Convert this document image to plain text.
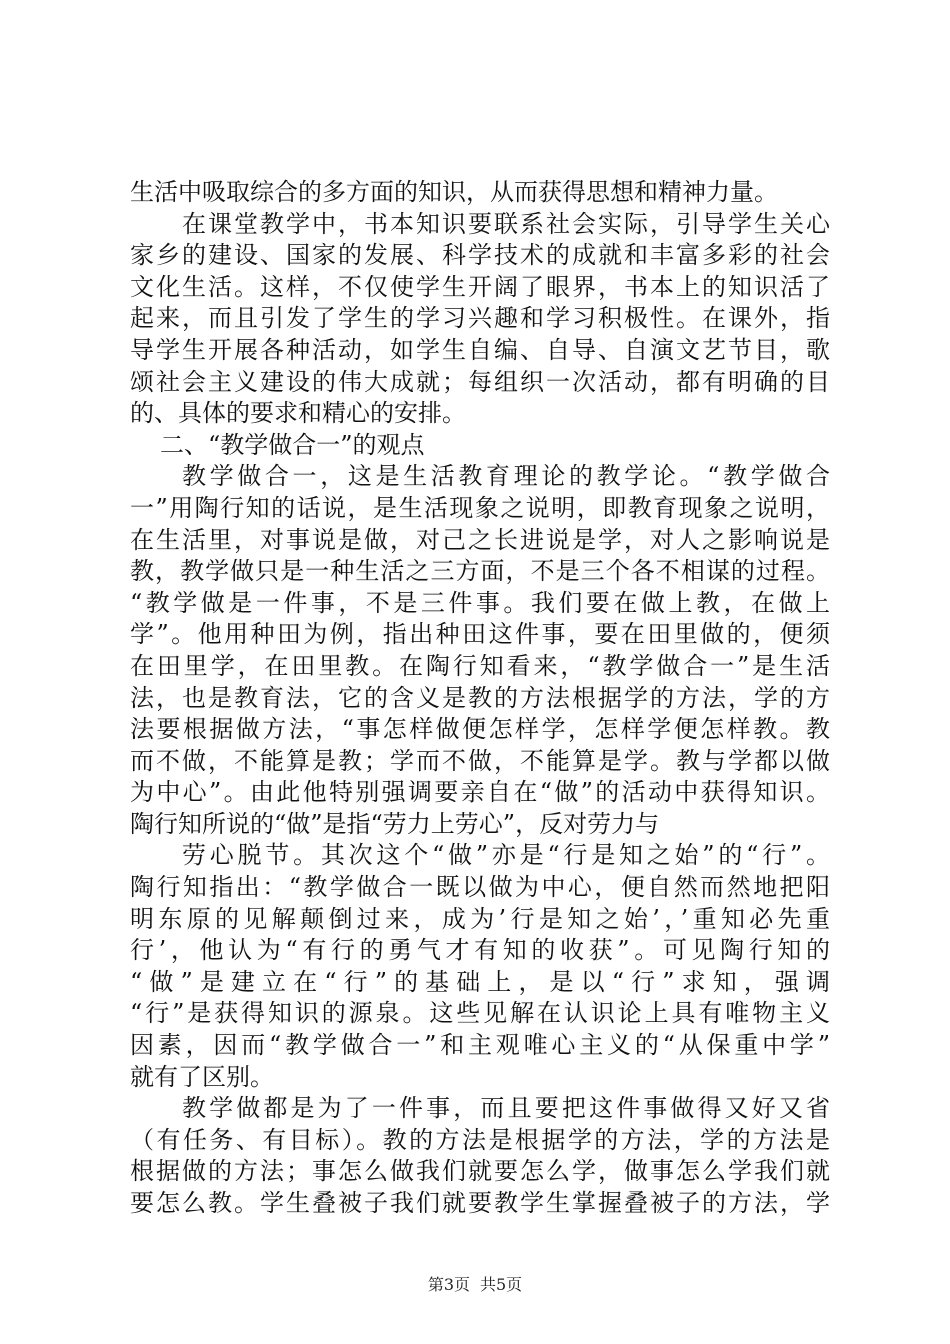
生活中吸取综合的多方面的知识，从而获得思想和精神力量。
在课堂教学中，书本知识要联系社会实际，引导学生关心
家乡的建设、国家的发展、科学技术的成就和丰富多彩的社会
文化生活。这样，不仅使学生开阔了眼界，书本上的知识活了
起来，而且引发了学生的学习兴趣和学习积极性。在课外，指
导学生开展各种活动，如学生自编、自导、自演文艺节目，歌
颂社会主义建设的伟大成就；每组织一次活动，都有明确的目
的、具体的要求和精心的安排。
二、“教学做合一”的观点
教学做合一，这是生活教育理论的教学论。“教学做合
一”用陶行知的话说，是生活现象之说明，即教育现象之说明，
在生活里，对事说是做，对己之长进说是学，对人之影响说是
教，教学做只是一种生活之三方面，不是三个各不相谋的过程。
“教学做是一件事，不是三件事。我们要在做上教，在做上
学”。他用种田为例，指出种田这件事，要在田里做的，便须
在田里学，在田里教。在陶行知看来，“教学做合一”是生活
法，也是教育法，它的含义是教的方法根据学的方法，学的方
法要根据做方法，“事怎样做便怎样学，怎样学便怎样教。教
而不做，不能算是教；学而不做，不能算是学。教与学都以做
为中心”。由此他特别强调要亲自在“做”的活动中获得知识。
陶行知所说的“做”是指“劳力上劳心”，反对劳力与
劳心脱节。其次这个“做”亦是“行是知之始”的“行”。
陶行知指出：“教学做合一既以做为中心，便自然而然地把阳
明东原的见解颠倒过来，成为’行是知之始’，’重知必先重
行’，他认为“有行的勇气才有知的收获”。可见陶行知的
“做”是建立在“行”的基础上，是以“行”求知，强调
“行”是获得知识的源泉。这些见解在认识论上具有唯物主义
因素，因而“教学做合一”和主观唯心主义的“从保重中学”
就有了区别。
教学做都是为了一件事，而且要把这件事做得又好又省
（有任务、有目标）。教的方法是根据学的方法，学的方法是
根据做的方法；事怎么做我们就要怎么学，做事怎么学我们就
要怎么教。学生叠被子我们就要教学生掌握叠被子的方法，学
第3页 共5页
